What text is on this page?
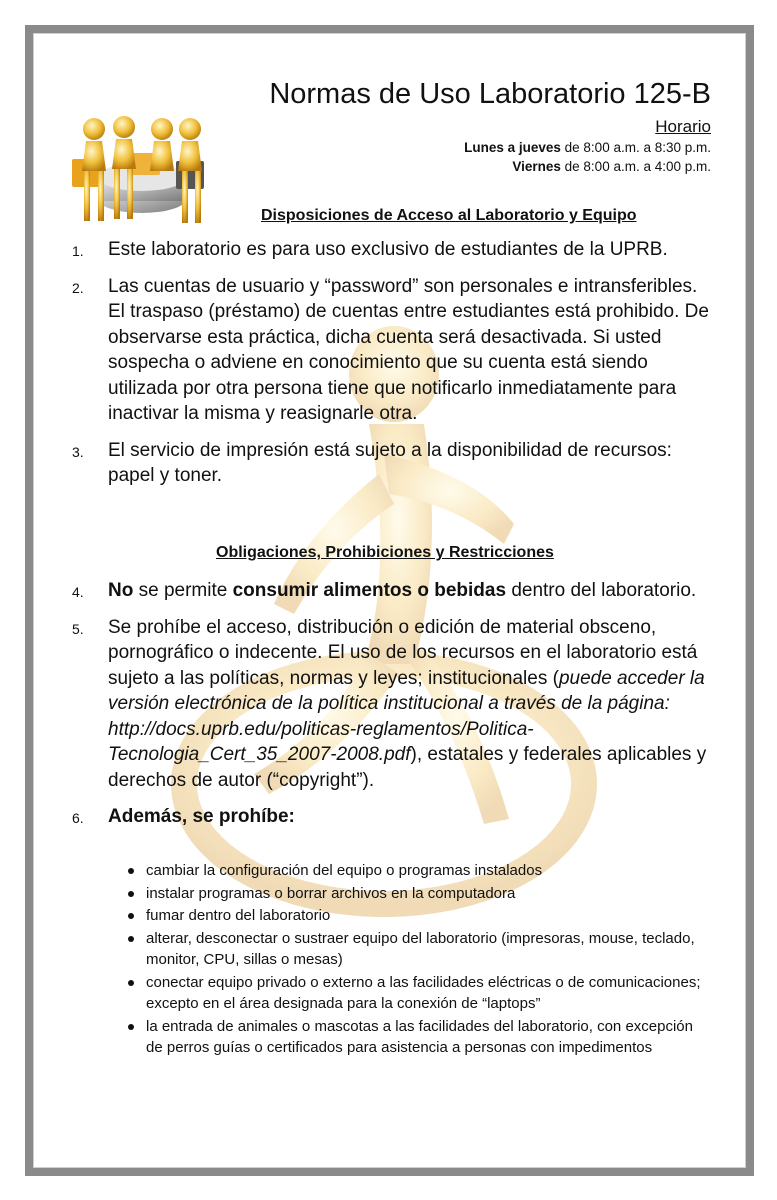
Normas de Uso Laboratorio 125-B
Horario
Lunes a jueves de 8:00 a.m. a 8:30 p.m.
Viernes de 8:00 a.m. a 4:00 p.m.
Disposiciones de Acceso al Laboratorio y Equipo
1. Este laboratorio es para uso exclusivo de estudiantes de la UPRB.
2. Las cuentas de usuario y “password” son personales e intransferibles. El traspaso (préstamo) de cuentas entre estudiantes está prohibido. De observarse esta práctica, dicha cuenta será desactivada. Si usted sospecha o adviene en conocimiento que su cuenta está siendo utilizada por otra persona tiene que notificarlo inmediatamente para inactivar la misma y reasignarle otra.
3. El servicio de impresión está sujeto a la disponibilidad de recursos: papel y toner.
Obligaciones, Prohibiciones y Restricciones
4. No se permite consumir alimentos o bebidas dentro del laboratorio.
5. Se prohíbe el acceso, distribución o edición de material obsceno, pornográfico o indecente. El uso de los recursos en el laboratorio está sujeto a las políticas, normas y leyes; institucionales (puede acceder la versión electrónica de la política institucional a través de la página: http://docs.uprb.edu/politicas-reglamentos/Politica-Tecnologia_Cert_35_2007-2008.pdf), estatales y federales aplicables y derechos de autor (“copyright”).
6. Además, se prohíbe:
cambiar la configuración del equipo o programas instalados
instalar programas o borrar archivos en la computadora
fumar dentro del laboratorio
alterar, desconectar o sustraer equipo del laboratorio (impresoras, mouse, teclado, monitor, CPU, sillas o mesas)
conectar equipo privado o externo a las facilidades eléctricas o de comunicaciones; excepto en el área designada para la conexión de “laptops”
la entrada de animales o mascotas a las facilidades del laboratorio, con excepción de perros guías o certificados para asistencia a personas con impedimentos
